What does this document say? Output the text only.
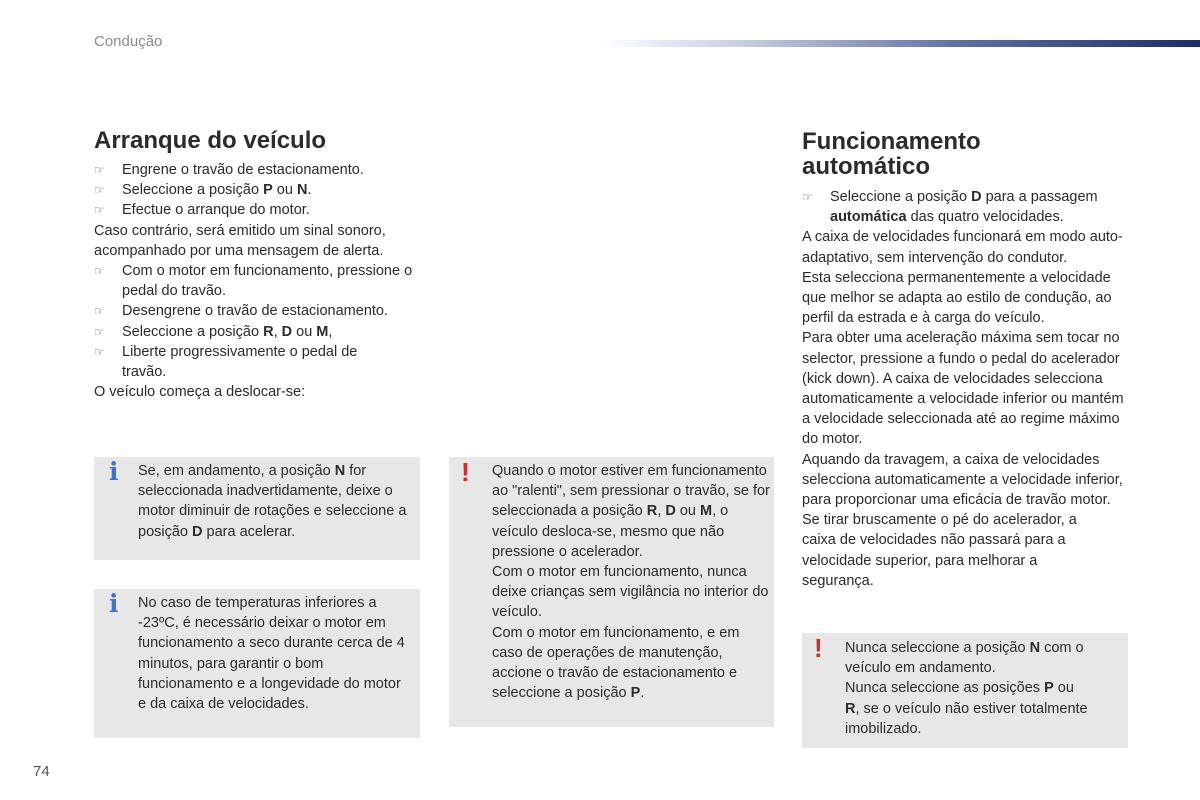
Condução
Arranque do veículo

☞	Engrene o travão de estacionamento.

☞	Seleccione a posição P ou N.

☞	Efectue o arranque do motor.

Caso contrário, será emitido um sinal sonoro, acompanhado por uma mensagem de alerta.

☞	Com o motor em funcionamento, pressione o pedal do travão.

☞	Desengrene o travão de estacionamento.

☞	Seleccione a posição R, D ou M,

☞	Liberte progressivamente o pedal de travão.

O veículo começa a deslocar-se:

i Se, em andamento, a posição N for seleccionada inadvertidamente, deixe o motor diminuir de rotações e seleccione a posição D para acelerar.

i No caso de temperaturas inferiores a -23ºC, é necessário deixar o motor em funcionamento a seco durante cerca de 4 minutos, para garantir o bom funcionamento e a longevidade do motor e da caixa de velocidades.

! Quando o motor estiver em funcionamento ao "ralenti", sem pressionar o travão, se for seleccionada a posição R, D ou M, o veículo desloca-se, mesmo que não pressione o acelerador.

Com o motor em funcionamento, nunca deixe crianças sem vigilância no interior do veículo.

Com o motor em funcionamento, e em caso de operações de manutenção, accione o travão de estacionamento e seleccione a posição P.

Funcionamento
automático

☞	Seleccione a posição D para a passagem automática das quatro velocidades.

A caixa de velocidades funcionará em modo auto-adaptativo, sem intervenção do condutor.

Esta selecciona permanentemente a velocidade que melhor se adapta ao estilo de condução, ao perfil da estrada e à carga do veículo.

Para obter uma aceleração máxima sem tocar no selector, pressione a fundo o pedal do acelerador (kick down). A caixa de velocidades selecciona automaticamente a velocidade inferior ou mantém a velocidade seleccionada até ao regime máximo do motor.

Aquando da travagem, a caixa de velocidades selecciona automaticamente a velocidade inferior, para proporcionar uma eficácia de travão motor.

Se tirar bruscamente o pé do acelerador, a caixa de velocidades não passará para a velocidade superior, para melhorar a segurança.

! Nunca seleccione a posição N com o veículo em andamento.

Nunca seleccione as posições P ou
R, se o veículo não estiver totalmente imobilizado.

74
